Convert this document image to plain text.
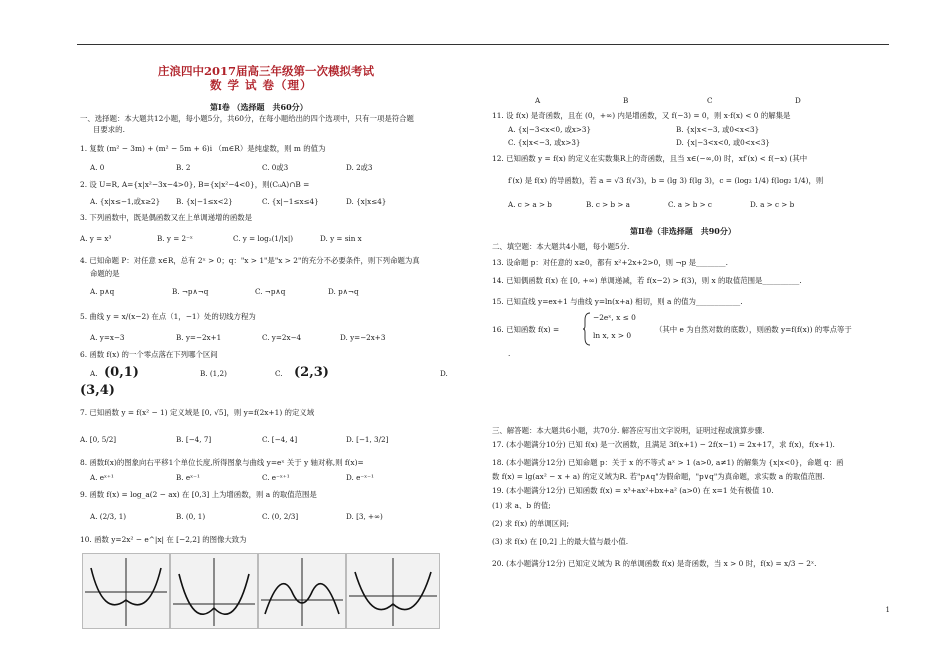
庄浪四中2017届高三年级第一次模拟考试
数 学 试 卷（理）
第Ⅰ卷 （选择题　共60分）
一、选择题：本大题共12小题，每小题5分，共60分，在每小题给出的四个选项中，只有一项是符合题
目要求的.
1. 复数 (m² − 3m) + (m² − 5m + 6)i （m∈R）是纯虚数，则 m 的值为
A. 0	B. 2	C. 0或3	D. 2或3
2. 设 U=R, A={x|x²−3x−4>0}, B={x|x²−4<0}，则(CᵤA)∩B =
A. {x|x≤−1,或x≥2} B. {x|−1≤x<2}	C. {x|−1≤x≤4}	D. {x|x≤4}
3. 下列函数中，既是偶函数又在上单调递增的函数是
A. y = x³	B. y = 2⁻ˣ	C. y = log₂(1/|x|)	D. y = sin x
4. 已知命题 P：对任意 x∈R，总有 2ˣ > 0；q："x > 1"是"x > 2"的充分不必要条件，则下列命题为真
命题的是
A. p∧q	B. ¬p∧¬q	C. ¬p∧q	D. p∧¬q
5. 曲线 y = x/(x−2) 在点（1，−1）处的切线方程为
A. y=x−3	B. y=−2x+1	C. y=2x−4	D. y=−2x+3
6. 函数 f(x) 的一个零点落在下列哪个区间
A. (0,1)	B. (1,2)	C. (2,3)	D.
(3,4)
7. 已知函数 y = f(x² − 1) 定义域是 [0, √5]，则 y=f(2x+1) 的定义域
A. [0, 5/2]	B. [−4, 7]	C. [−4, 4]	D. [−1, 3/2]
8. 函数f(x)的图象向右平移1个单位长度,所得图象与曲线 y=eˣ 关于 y 轴对称,则 f(x)=
A. eˣ⁺¹	B. eˣ⁻¹	C. e⁻ˣ⁺¹	D. e⁻ˣ⁻¹
9. 函数 f(x) = log_a(2 − ax) 在 [0,3] 上为增函数，则 a 的取值范围是
A. (2/3, 1)	B. (0, 1)	C. (0, 2/3]	D. [3, +∞)
10. 函数 y=2x² − e^|x| 在 [−2,2] 的图像大致为
A	B	C	D
11. 设 f(x) 是奇函数，且在 (0，+∞) 内是增函数，又 f(−3) = 0，则 x·f(x) < 0 的解集是
A. {x|−3<x<0, 或x>3}	B. {x|x<−3, 或0<x<3}
C. {x|x<−3, 或x>3}	D. {x|−3<x<0, 或0<x<3}
12. 已知函数 y = f(x) 的定义在实数集R上的奇函数，且当 x∈(−∞,0) 时，xf′(x) < f(−x) (其中
f′(x) 是 f(x) 的导函数)，若 a = √3 f(√3)，b = (lg 3) f(lg 3)，c = (log₂ 1/4) f(log₂ 1/4)，则
A. c > a > b	B. c > b > a	C. a > b > c	D. a > c > b
第Ⅱ卷（非选择题　共90分）
二、填空题：本大题共4小题，每小题5分.
13. 设命题 p：对任意的 x≥0，都有 x²+2x+2>0，则 ¬p 是________.
14. 已知偶函数 f(x) 在 [0, +∞) 单调递减，若 f(x−2) > f(3)，则 x 的取值范围是__________.
15. 已知直线 y=ex+1 与曲线 y=ln(x+a) 相切，则 a 的值为____________.
16. 已知函数 f(x) =
−2eˣ, x ≤ 0
ln x, x > 0
（其中 e 为自然对数的底数），则函数 y=f(f(x)) 的零点等于
.
三、解答题：本大题共6小题，共70分. 解答应写出文字说明，证明过程或演算步骤.
17. (本小题满分10分) 已知 f(x) 是一次函数，且满足 3f(x+1) − 2f(x−1) = 2x+17，求 f(x)，f(x+1).
18. (本小题满分12分) 已知命题 p：关于 x 的不等式 aˣ > 1 (a>0, a≠1) 的解集为 {x|x<0}，命题 q：函
数 f(x) = lg(ax² − x + a) 的定义域为R. 若"p∧q"为假命题，"p∨q"为真命题，求实数 a 的取值范围.
19. (本小题满分12分) 已知函数 f(x) = x³+ax²+bx+a² (a>0) 在 x=1 处有极值 10.
(1) 求 a、b 的值;
(2) 求 f(x) 的单调区间;
(3) 求 f(x) 在 [0,2] 上的最大值与最小值.
20. (本小题满分12分) 已知定义域为 R 的单调函数 f(x) 是奇函数，当 x > 0 时，f(x) = x/3 − 2ˣ.
1
